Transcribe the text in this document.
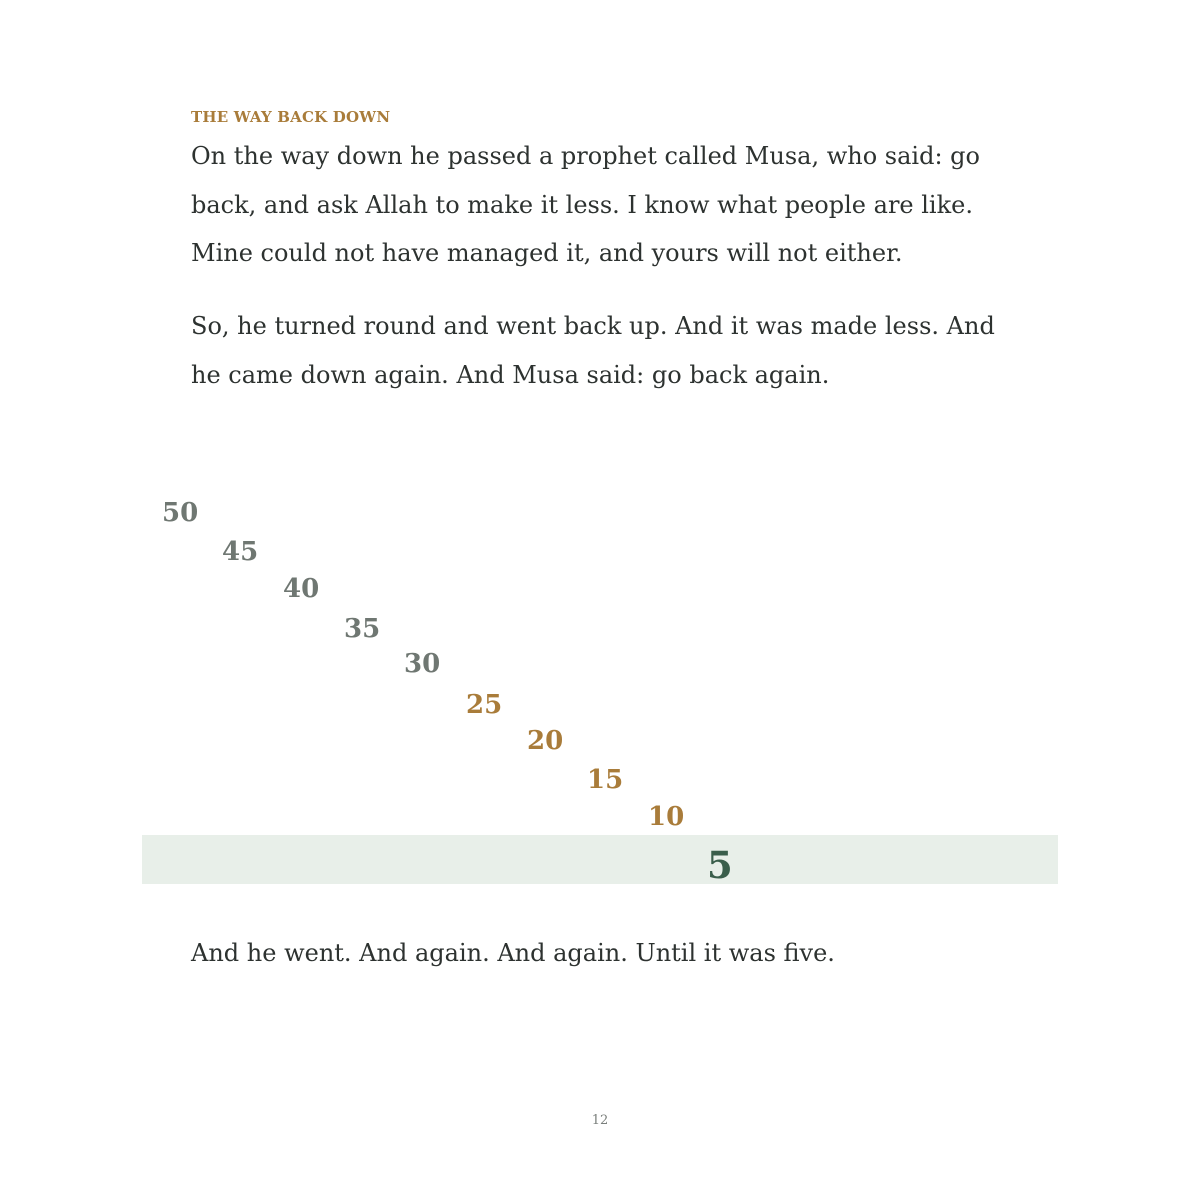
THE WAY BACK DOWN

On the way down he passed a prophet called Musa, who said: go back, and ask Allah to make it less. I know what people are like. Mine could not have managed it, and yours will not either.

So, he turned round and went back up. And it was made less. And he came down again. And Musa said: go back again.

50
45
40
35
30
25
20
15
10
5

And he went. And again. And again. Until it was five.

12
